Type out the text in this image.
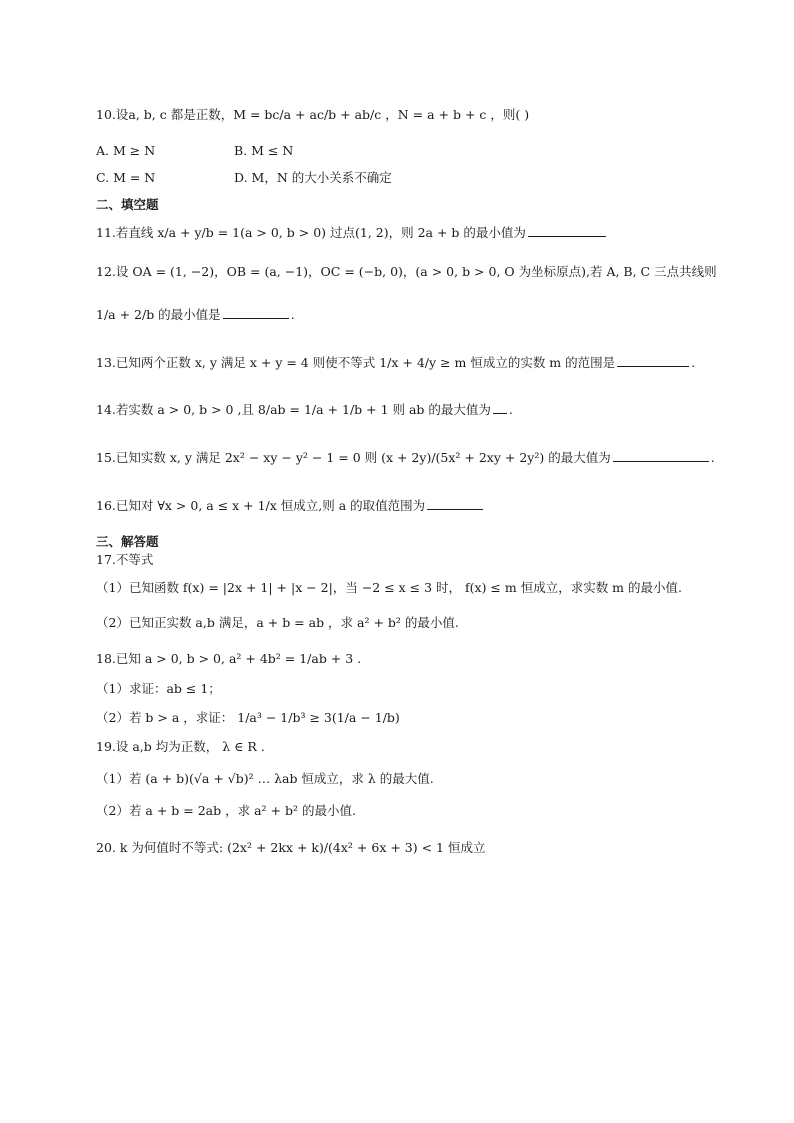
10.设a, b, c 都是正数，M = bc/a + ac/b + ab/c ，N = a + b + c ，则( )
A. M ≥ N	B. M ≤ N
C. M = N	D. M，N 的大小关系不确定
二、填空题
11.若直线 x/a + y/b = 1(a > 0, b > 0) 过点(1, 2)，则 2a + b 的最小值为
12.设 OA = (1, −2)，OB = (a, −1)，OC = (−b, 0)，(a > 0, b > 0, O 为坐标原点),若 A, B, C 三点共线则
1/a + 2/b 的最小值是	.
13.已知两个正数 x, y 满足 x + y = 4 则使不等式 1/x + 4/y ≥ m 恒成立的实数 m 的范围是	.
14.若实数 a > 0, b > 0 ,且 8/ab = 1/a + 1/b + 1 则 ab 的最大值为 .
15.已知实数 x, y 满足 2x² − xy − y² − 1 = 0 则 (x + 2y)/(5x² + 2xy + 2y²) 的最大值为	.
16.已知对 ∀x > 0, a ≤ x + 1/x 恒成立,则 a 的取值范围为
三、解答题
17.不等式
（1）已知函数 f(x) = |2x + 1| + |x − 2|，当 −2 ≤ x ≤ 3 时， f(x) ≤ m 恒成立，求实数 m 的最小值.
（2）已知正实数 a,b 满足，a + b = ab ，求 a² + b² 的最小值.
18.已知 a > 0, b > 0, a² + 4b² = 1/ab + 3 .
（1）求证：ab ≤ 1；
（2）若 b > a ，求证： 1/a³ − 1/b³ ≥ 3(1/a − 1/b)
19.设 a,b 均为正数， λ ∈ R .
（1）若 (a + b)(√a + √b)² … λab 恒成立，求 λ 的最大值.
（2）若 a + b = 2ab ，求 a² + b² 的最小值.
20. k 为何值时不等式: (2x² + 2kx + k)/(4x² + 6x + 3) < 1 恒成立
